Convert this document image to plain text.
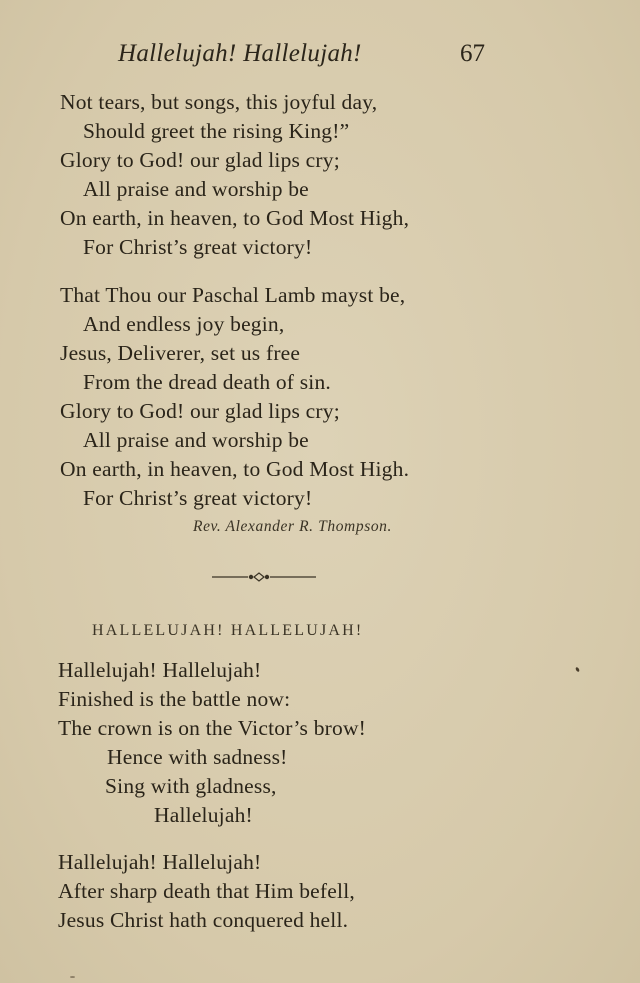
Hallelujah! Hallelujah!	67
Not tears, but songs, this joyful day,
Should greet the rising King!”
Glory to God! our glad lips cry;
All praise and worship be
On earth, in heaven, to God Most High,
For Christ’s great victory!
That Thou our Paschal Lamb mayst be,
And endless joy begin,
Jesus, Deliverer, set us free
From the dread death of sin.
Glory to God! our glad lips cry;
All praise and worship be
On earth, in heaven, to God Most High.
For Christ’s great victory!
Rev. Alexander R. Thompson.
HALLELUJAH! HALLELUJAH!
Hallelujah! Hallelujah!
Finished is the battle now:
The crown is on the Victor’s brow!
Hence with sadness!
Sing with gladness,
Hallelujah!
Hallelujah! Hallelujah!
After sharp death that Him befell,
Jesus Christ hath conquered hell.
